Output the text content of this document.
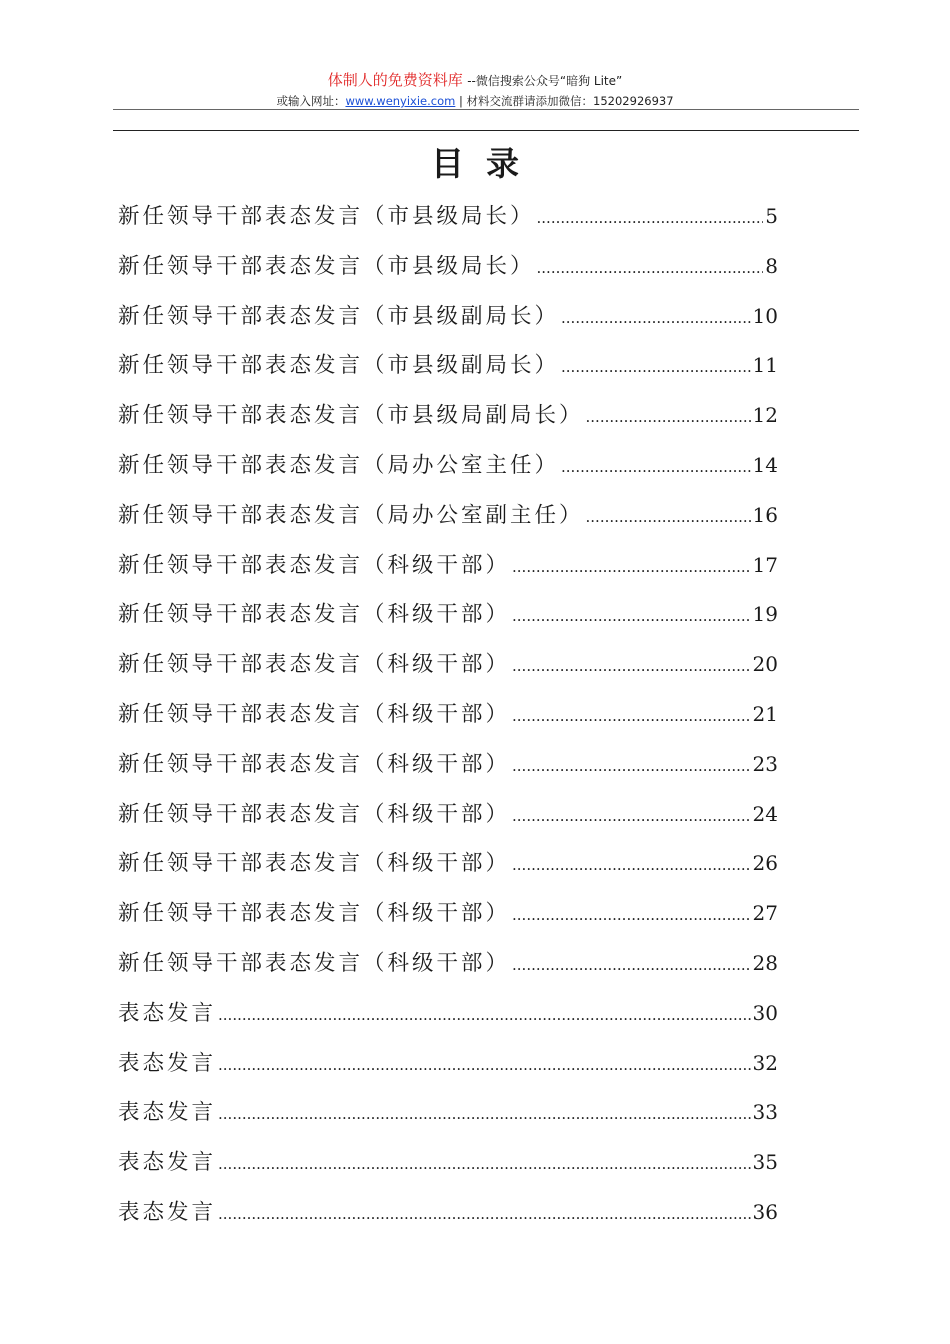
体制人的免费资料库 --微信搜索公众号“暗狗 Lite”
或输入网址：www.wenyixie.com | 材料交流群请添加微信：15202926937
目录
新任领导干部表态发言（市县级局长） .....	5
新任领导干部表态发言（市县级局长） .....	8
新任领导干部表态发言（市县级副局长） .....	10
新任领导干部表态发言（市县级副局长） .....	11
新任领导干部表态发言（市县级局副局长） .....	12
新任领导干部表态发言（局办公室主任） .....	14
新任领导干部表态发言（局办公室副主任） .....	16
新任领导干部表态发言（科级干部） .....	17
新任领导干部表态发言（科级干部） .....	19
新任领导干部表态发言（科级干部） .....	20
新任领导干部表态发言（科级干部） .....	21
新任领导干部表态发言（科级干部） .....	23
新任领导干部表态发言（科级干部） .....	24
新任领导干部表态发言（科级干部） .....	26
新任领导干部表态发言（科级干部） .....	27
新任领导干部表态发言（科级干部） .....	28
表态发言 .....	30
表态发言 .....	32
表态发言 .....	33
表态发言 .....	35
表态发言 .....	36
